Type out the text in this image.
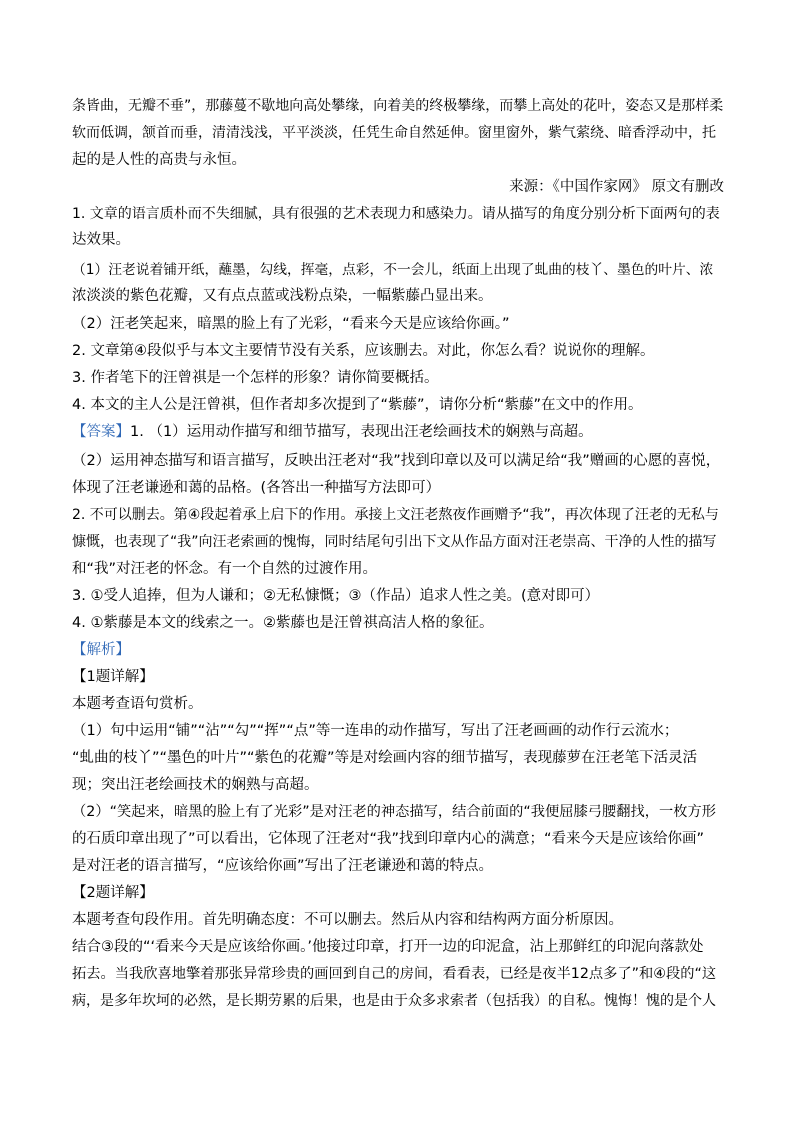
条皆曲，无瓣不垂”，那藤蔓不歇地向高处攀缘，向着美的终极攀缘，而攀上高处的花叶，姿态又是那样柔
软而低调，颔首而垂，清清浅浅，平平淡淡，任凭生命自然延伸。窗里窗外，紫气萦绕、暗香浮动中，托
起的是人性的高贵与永恒。
来源：《中国作家网》 原文有删改
1. 文章的语言质朴而不失细腻，具有很强的艺术表现力和感染力。请从描写的角度分别分析下面两句的表
达效果。
（1）汪老说着铺开纸，蘸墨，勾线，挥毫，点彩，不一会儿，纸面上出现了虬曲的枝丫、墨色的叶片、浓
浓淡淡的紫色花瓣，又有点点蓝或浅粉点染，一幅紫藤凸显出来。
（2）汪老笑起来，暗黑的脸上有了光彩，“看来今天是应该给你画。”
2. 文章第④段似乎与本文主要情节没有关系，应该删去。对此，你怎么看？说说你的理解。
3. 作者笔下的汪曾祺是一个怎样的形象？请你简要概括。
4. 本文的主人公是汪曾祺，但作者却多次提到了“紫藤”，请你分析“紫藤”在文中的作用。
【答案】1. （1）运用动作描写和细节描写，表现出汪老绘画技术的娴熟与高超。
（2）运用神态描写和语言描写，反映出汪老对“我”找到印章以及可以满足给“我”赠画的心愿的喜悦，
体现了汪老谦逊和蔼的品格。(各答出一种描写方法即可）
2. 不可以删去。第④段起着承上启下的作用。承接上文汪老熬夜作画赠予“我”，再次体现了汪老的无私与
慷慨，也表现了“我”向汪老索画的愧悔，同时结尾句引出下文从作品方面对汪老崇高、干净的人性的描写
和“我”对汪老的怀念。有一个自然的过渡作用。
3. ①受人追捧，但为人谦和；②无私慷慨；③（作品）追求人性之美。(意对即可）
4. ①紫藤是本文的线索之一。②紫藤也是汪曾祺高洁人格的象征。
【解析】
【1题详解】
本题考查语句赏析。
（1）句中运用“铺”“沾”“勾”“挥”“点”等一连串的动作描写，写出了汪老画画的动作行云流水；
“虬曲的枝丫”“墨色的叶片”“紫色的花瓣”等是对绘画内容的细节描写，表现藤萝在汪老笔下活灵活
现；突出汪老绘画技术的娴熟与高超。
（2）“笑起来，暗黑的脸上有了光彩”是对汪老的神态描写，结合前面的“我便屈膝弓腰翻找，一枚方形
的石质印章出现了”可以看出，它体现了汪老对“我”找到印章内心的满意；“看来今天是应该给你画”
是对汪老的语言描写，“应该给你画”写出了汪老谦逊和蔼的特点。
【2题详解】
本题考查句段作用。首先明确态度：不可以删去。然后从内容和结构两方面分析原因。
结合③段的“‘看来今天是应该给你画。’他接过印章，打开一边的印泥盒，沾上那鲜红的印泥向落款处
拓去。当我欣喜地擎着那张异常珍贵的画回到自己的房间，看看表，已经是夜半12点多了”和④段的“这
病，是多年坎坷的必然，是长期劳累的后果，也是由于众多求索者（包括我）的自私。愧悔！愧的是个人
